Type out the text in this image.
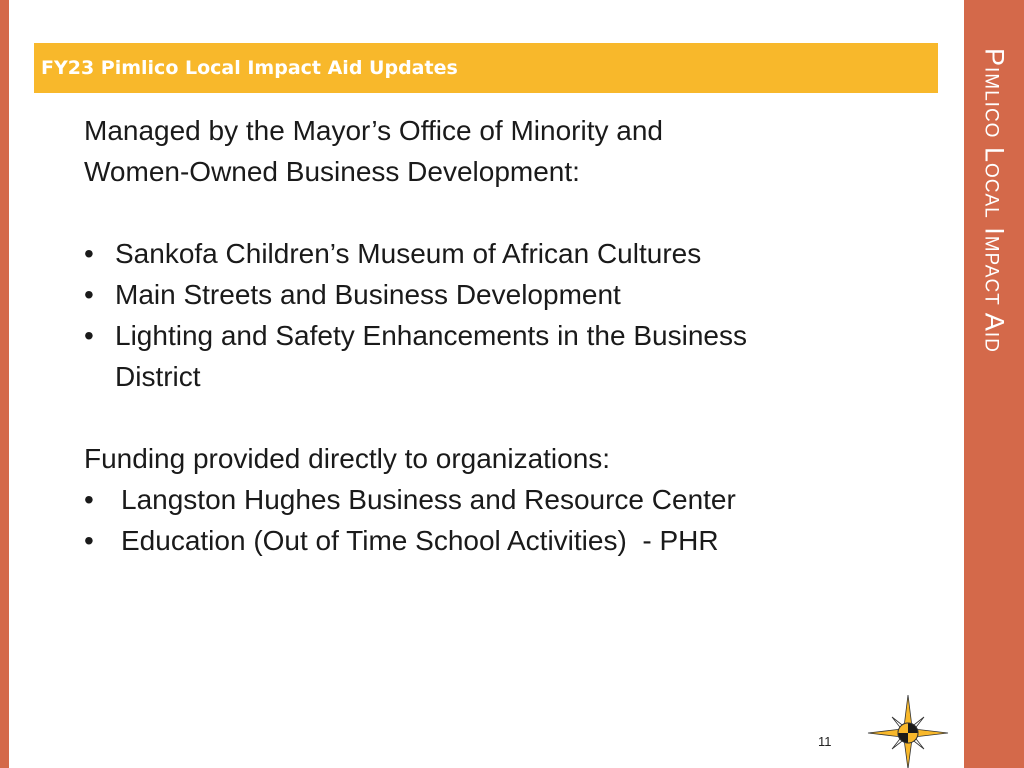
Pimlico Local Impact Aid
FY23 Pimlico Local Impact Aid Updates

Managed by the Mayor’s Office of Minority and

Women-Owned Business Development:

• Sankofa Children’s Museum of African Cultures
• Main Streets and Business Development
• Lighting and Safety Enhancements in the Business District

Funding provided directly to organizations:

• Langston Hughes Business and Resource Center
• Education (Out of Time School Activities)  - PHR
11
